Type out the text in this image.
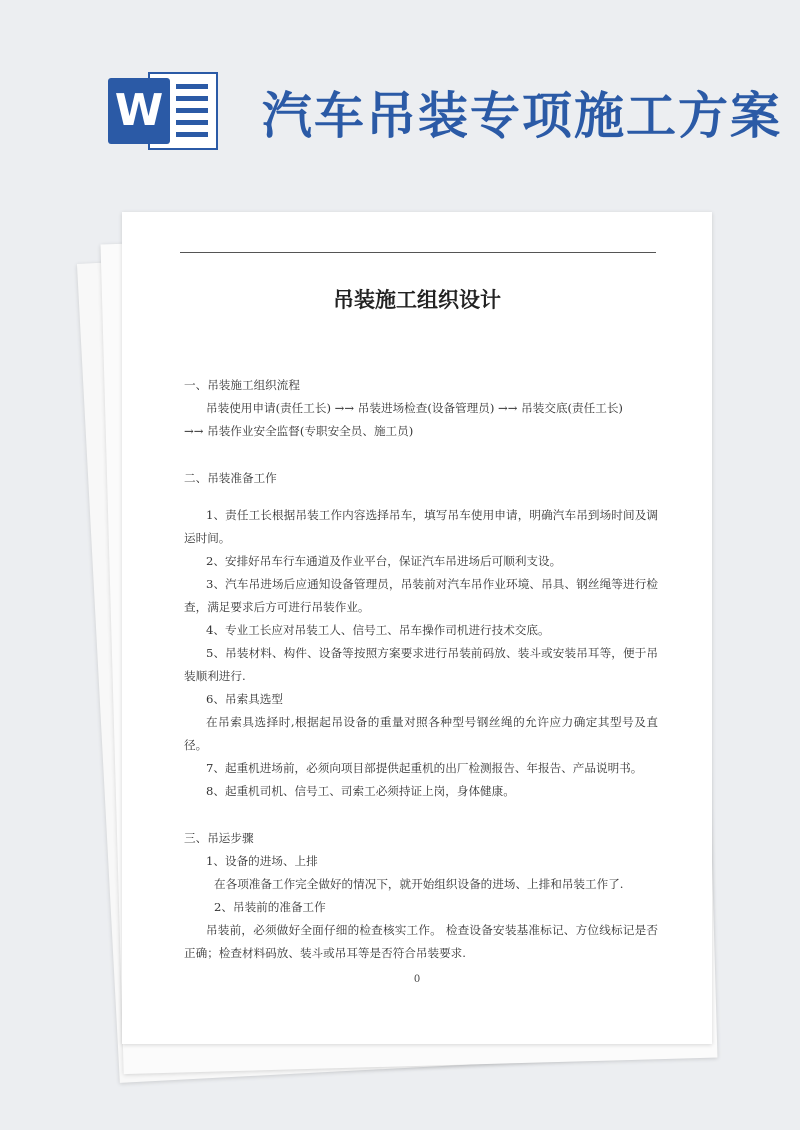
W 汽车吊装专项施工方案
吊装施工组织设计

一、吊装施工组织流程

吊装使用申请(责任工长) →→ 吊装进场检查(设备管理员) →→ 吊装交底(责任工长)

→→ 吊装作业安全监督(专职安全员、施工员)

二、吊装准备工作

1、责任工长根据吊装工作内容选择吊车，填写吊车使用申请，明确汽车吊到场时间及调运时间。

2、安排好吊车行车通道及作业平台，保证汽车吊进场后可顺利支设。

3、汽车吊进场后应通知设备管理员，吊装前对汽车吊作业环境、吊具、钢丝绳等进行检查，满足要求后方可进行吊装作业。

4、专业工长应对吊装工人、信号工、吊车操作司机进行技术交底。

5、吊装材料、构件、设备等按照方案要求进行吊装前码放、装斗或安装吊耳等，便于吊装顺利进行.

6、吊索具选型

在吊索具选择时,根据起吊设备的重量对照各种型号钢丝绳的允许应力确定其型号及直径。

7、起重机进场前，必须向项目部提供起重机的出厂检测报告、年报告、产品说明书。

8、起重机司机、信号工、司索工必须持证上岗，身体健康。

三、吊运步骤

1、设备的进场、上排

在各项准备工作完全做好的情况下，就开始组织设备的进场、上排和吊装工作了.

2、吊装前的准备工作

吊装前，必须做好全面仔细的检查核实工作。 检查设备安装基准标记、方位线标记是否正确；检查材料码放、装斗或吊耳等是否符合吊装要求.

0
